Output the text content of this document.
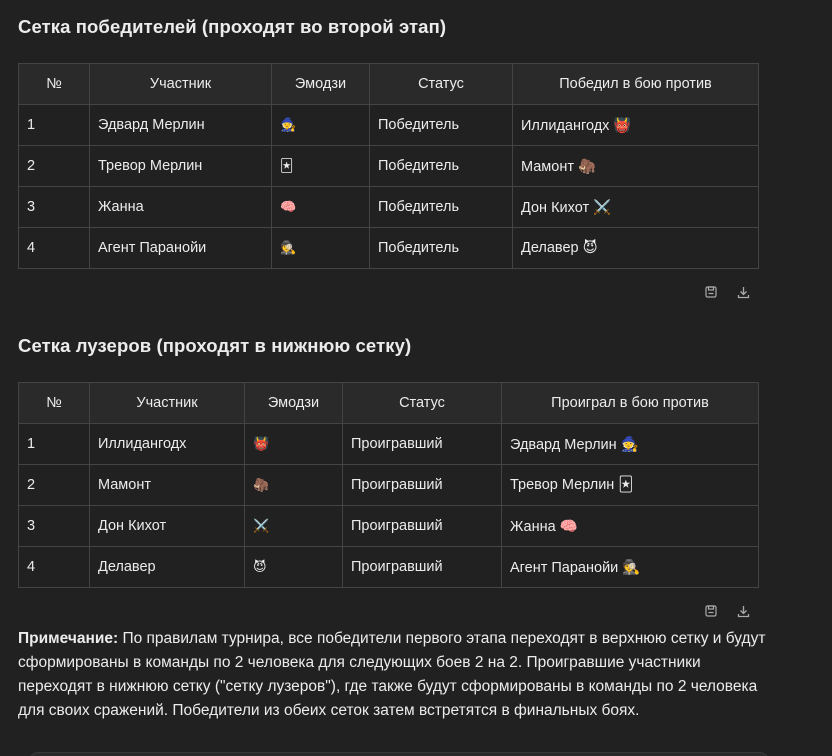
Сетка победителей (проходят во второй этап)
№	Участник	Эмодзи	Статус	Победил в бою против
1	Эдвард Мерлин	🧙	Победитель	Иллидангодх 👹
2	Тревор Мерлин	🃏	Победитель	Мамонт 🦣
3	Жанна	🧠	Победитель	Дон Кихот ⚔️
4	Агент Паранойи	🕵️	Победитель	Делавер 😈
Сетка лузеров (проходят в нижнюю сетку)
№	Участник	Эмодзи	Статус	Проиграл в бою против
1	Иллидангодх	👹	Проигравший	Эдвард Мерлин 🧙
2	Мамонт	🦣	Проигравший	Тревор Мерлин 🃏
3	Дон Кихот	⚔️	Проигравший	Жанна 🧠
4	Делавер	😈	Проигравший	Агент Паранойи 🕵️

Примечание: По правилам турнира, все победители первого этапа переходят в верхнюю сетку и будут сформированы в команды по 2 человека для следующих боев 2 на 2. Проигравшие участники переходят в нижнюю сетку ("сетку лузеров"), где также будут сформированы в команды по 2 человека для своих сражений. Победители из обеих сеток затем встретятся в финальных боях.
